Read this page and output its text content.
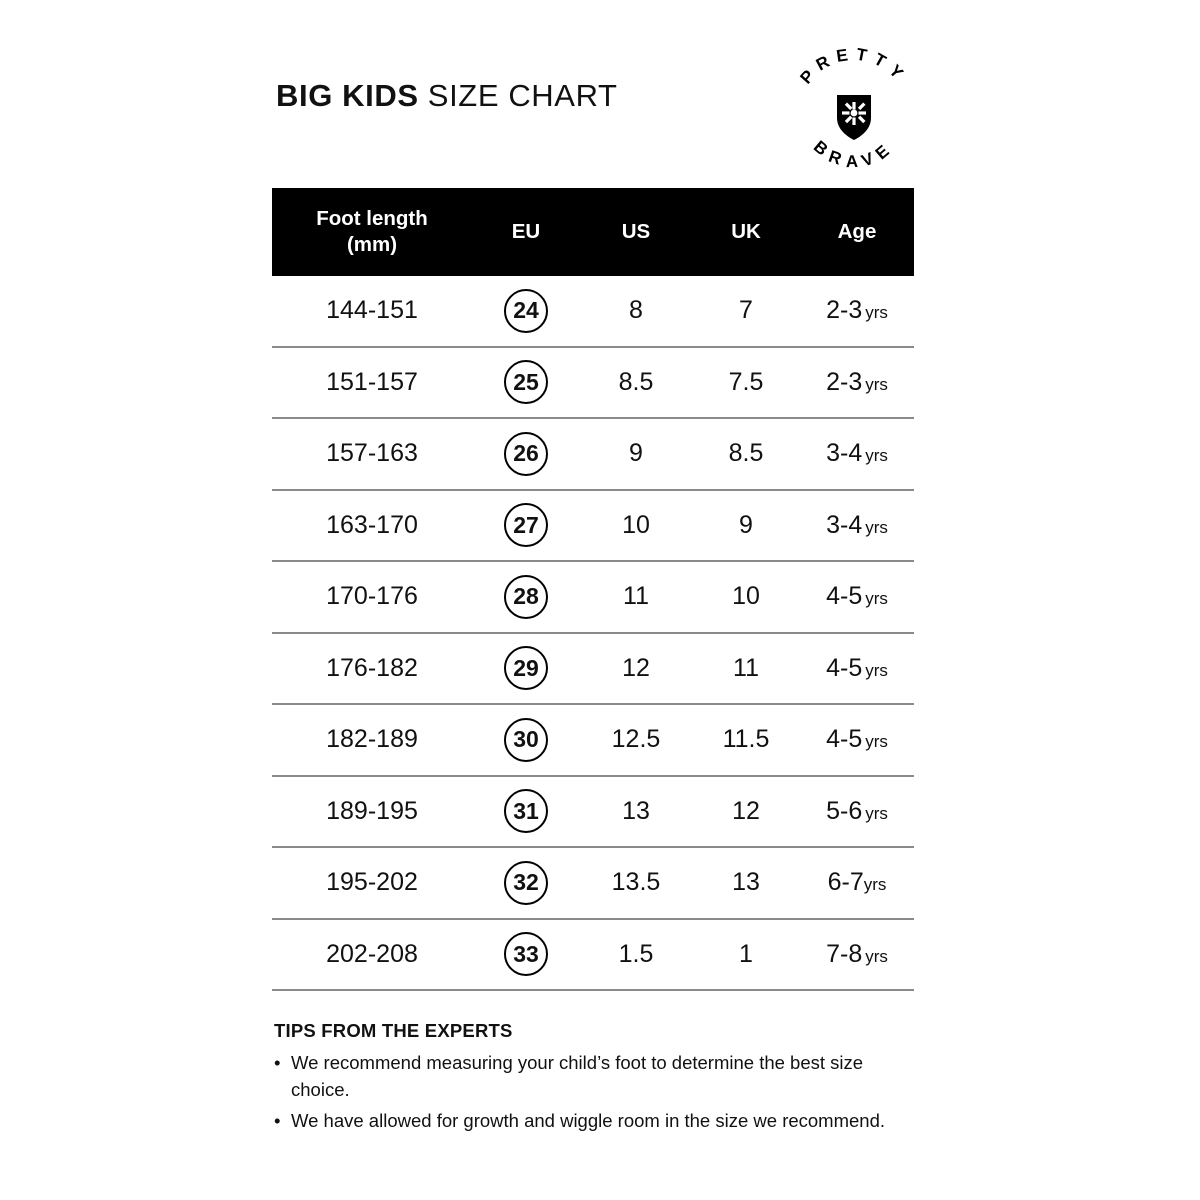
BIG KIDS SIZE CHART
PRETTY
BRAVE
Foot length
(mm)
EU	US	UK	Age
144-151	24	8	7	2-3 yrs
151-157	25	8.5	7.5	2-3 yrs
157-163	26	9	8.5	3-4 yrs
163-170	27	10	9	3-4 yrs
170-176	28	11	10	4-5 yrs
176-182	29	12	11	4-5 yrs
182-189	30	12.5	11.5	4-5 yrs
189-195	31	13	12	5-6 yrs
195-202	32	13.5	13	6-7yrs
202-208	33	1.5	1	7-8 yrs
TIPS FROM THE EXPERTS
• We recommend measuring your child’s foot to determine the best size choice.
• We have allowed for growth and wiggle room in the size we recommend.
